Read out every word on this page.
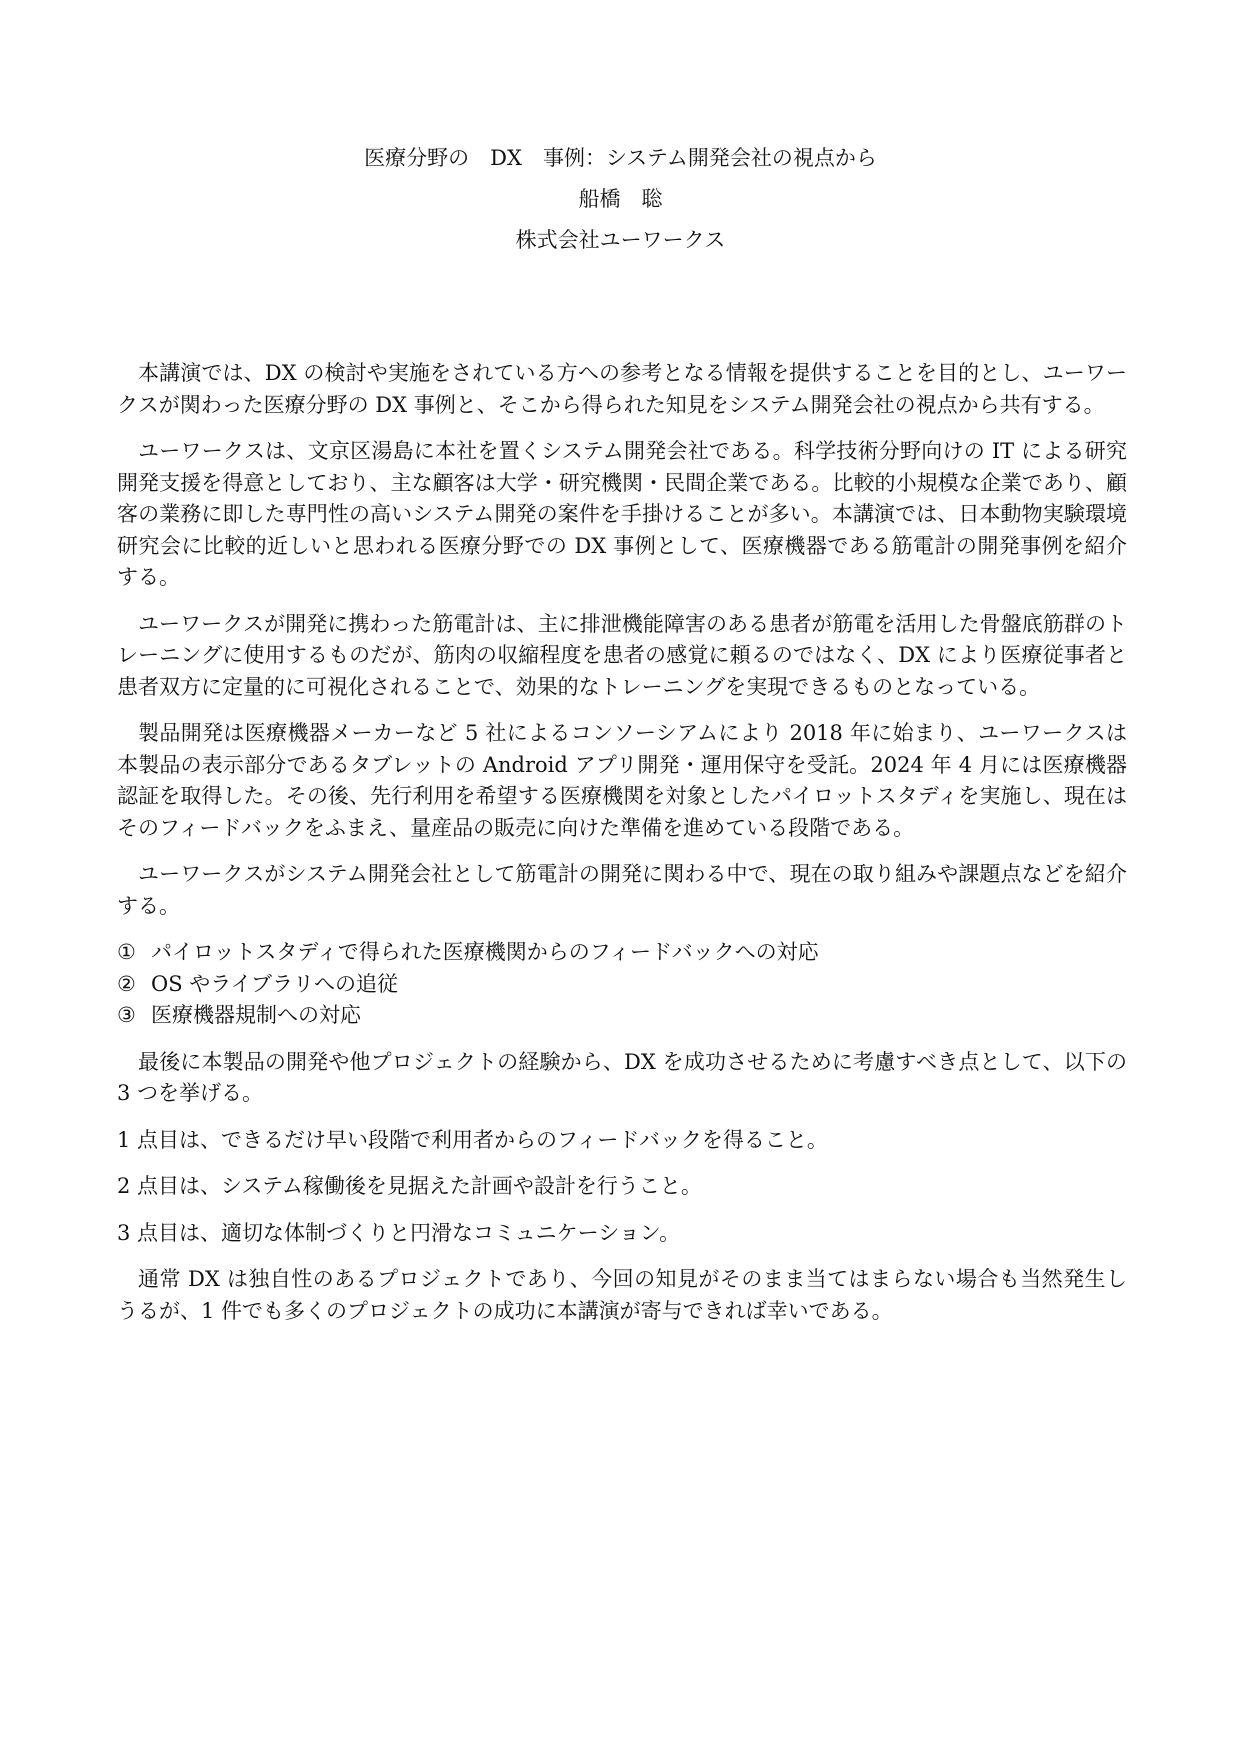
医療分野の　DX　事例：システム開発会社の視点から

船橋　聡

株式会社ユーワークス

本講演では、DX の検討や実施をされている方への参考となる情報を提供することを目的とし、ユーワークスが関わった医療分野の DX 事例と、そこから得られた知見をシステム開発会社の視点から共有する。

ユーワークスは、文京区湯島に本社を置くシステム開発会社である。科学技術分野向けの IT による研究開発支援を得意としており、主な顧客は大学・研究機関・民間企業である。比較的小規模な企業であり、顧客の業務に即した専門性の高いシステム開発の案件を手掛けることが多い。本講演では、日本動物実験環境研究会に比較的近しいと思われる医療分野での DX 事例として、医療機器である筋電計の開発事例を紹介する。

ユーワークスが開発に携わった筋電計は、主に排泄機能障害のある患者が筋電を活用した骨盤底筋群のトレーニングに使用するものだが、筋肉の収縮程度を患者の感覚に頼るのではなく、DX により医療従事者と患者双方に定量的に可視化されることで、効果的なトレーニングを実現できるものとなっている。

製品開発は医療機器メーカーなど 5 社によるコンソーシアムにより 2018 年に始まり、ユーワークスは本製品の表示部分であるタブレットの Android アプリ開発・運用保守を受託。2024 年 4 月には医療機器認証を取得した。その後、先行利用を希望する医療機関を対象としたパイロットスタディを実施し、現在はそのフィードバックをふまえ、量産品の販売に向けた準備を進めている段階である。

ユーワークスがシステム開発会社として筋電計の開発に関わる中で、現在の取り組みや課題点などを紹介する。

① パイロットスタディで得られた医療機関からのフィードバックへの対応
② OS やライブラリへの追従
③ 医療機器規制への対応

最後に本製品の開発や他プロジェクトの経験から、DX を成功させるために考慮すべき点として、以下の 3 つを挙げる。

1 点目は、できるだけ早い段階で利用者からのフィードバックを得ること。

2 点目は、システム稼働後を見据えた計画や設計を行うこと。

3 点目は、適切な体制づくりと円滑なコミュニケーション。

通常 DX は独自性のあるプロジェクトであり、今回の知見がそのまま当てはまらない場合も当然発生しうるが、1 件でも多くのプロジェクトの成功に本講演が寄与できれば幸いである。
